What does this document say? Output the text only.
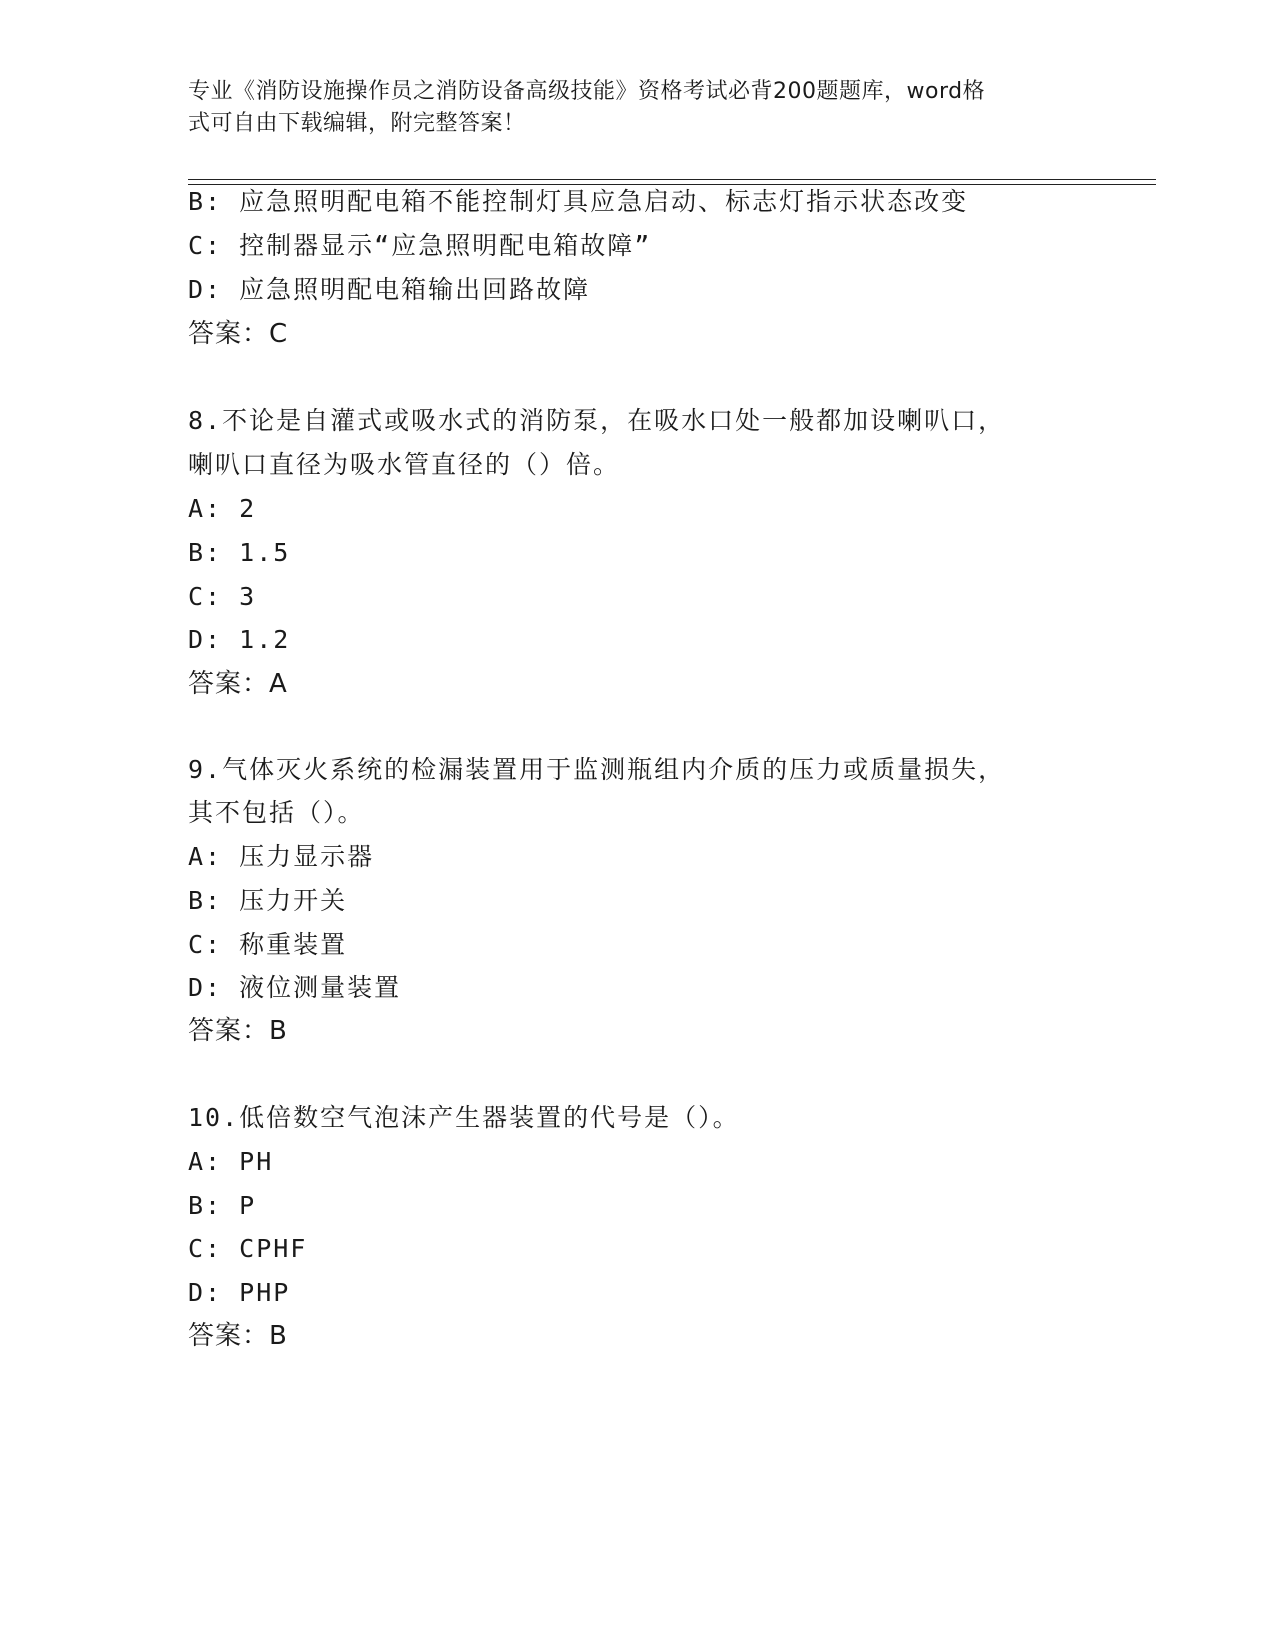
专业《消防设施操作员之消防设备高级技能》资格考试必背200题题库，word格
式可自由下载编辑，附完整答案！
B: 应急照明配电箱不能控制灯具应急启动、标志灯指示状态改变
C: 控制器显示“应急照明配电箱故障”
D: 应急照明配电箱输出回路故障
答案：C
8.不论是自灌式或吸水式的消防泵，在吸水口处一般都加设喇叭口，
喇叭口直径为吸水管直径的（）倍。
A: 2
B: 1.5
C: 3
D: 1.2
答案：A
9.气体灭火系统的检漏装置用于监测瓶组内介质的压力或质量损失，
其不包括（）。
A: 压力显示器
B: 压力开关
C: 称重装置
D: 液位测量装置
答案：B
10.低倍数空气泡沫产生器装置的代号是（）。
A: PH
B: P
C: CPHF
D: PHP
答案：B
